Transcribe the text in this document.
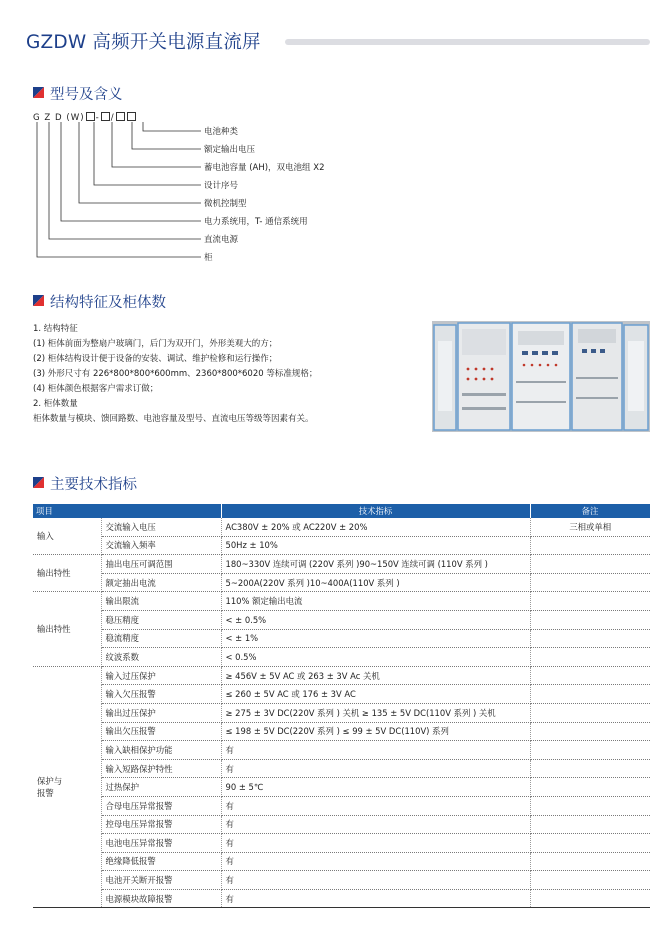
GZDW 高频开关电源直流屏
型号及含义
G Z D (W) - /
电池种类
额定输出电压
蓄电池容量 (AH)，双电池组 X2
设计序号
微机控制型
电力系统用，T- 通信系统用
直流电源
柜
结构特征及柜体数
1. 结构特征
(1) 柜体前面为整扇户玻璃门，后门为双开门，外形美观大的方；
(2) 柜体结构设计便于设备的安装、调试、维护检修和运行操作；
(3) 外形尺寸有 226*800*800*600mm、2360*800*6020 等标准规格；
(4) 柜体颜色根据客户需求订做；
2. 柜体数量
柜体数量与模块、馈回路数、电池容量及型号、直流电压等级等因素有关。
主要技术指标
项目		技术指标	备注
输入	交流输入电压	AC380V ± 20% 或 AC220V ± 20%	三相或单相
	交流输入频率	50Hz ± 10%	
输出特性	抽出电压可调范围	180~330V 连续可调 (220V 系列 )90~150V 连续可调 (110V 系列 )	
	额定抽出电流	5~200A(220V 系列 )10~400A(110V 系列 )	
输出特性	输出限流	110% 额定输出电流	
	稳压精度	< ± 0.5%	
	稳流精度	< ± 1%	
	纹波系数	< 0.5%	
保护与
报警	输入过压保护	≥ 456V ± 5V AC 或 263 ± 3V Ac 关机	
	输入欠压报警	≤ 260 ± 5V AC 或 176 ± 3V AC	
	输出过压保护	≥ 275 ± 3V DC(220V 系列 ) 关机 ≥ 135 ± 5V DC(110V 系列 ) 关机	
	输出欠压报警	≤ 198 ± 5V DC(220V 系列 ) ≤ 99 ± 5V DC(110V) 系列	
	输入缺相保护功能	有	
	输入短路保护特性	有	
	过热保护	90 ± 5℃	
	合母电压异常报警	有	
	控母电压异常报警	有	
	电池电压异常报警	有	
	绝缘降低报警	有	
	电池开关断开报警	有	
	电源模块故障报警	有	
